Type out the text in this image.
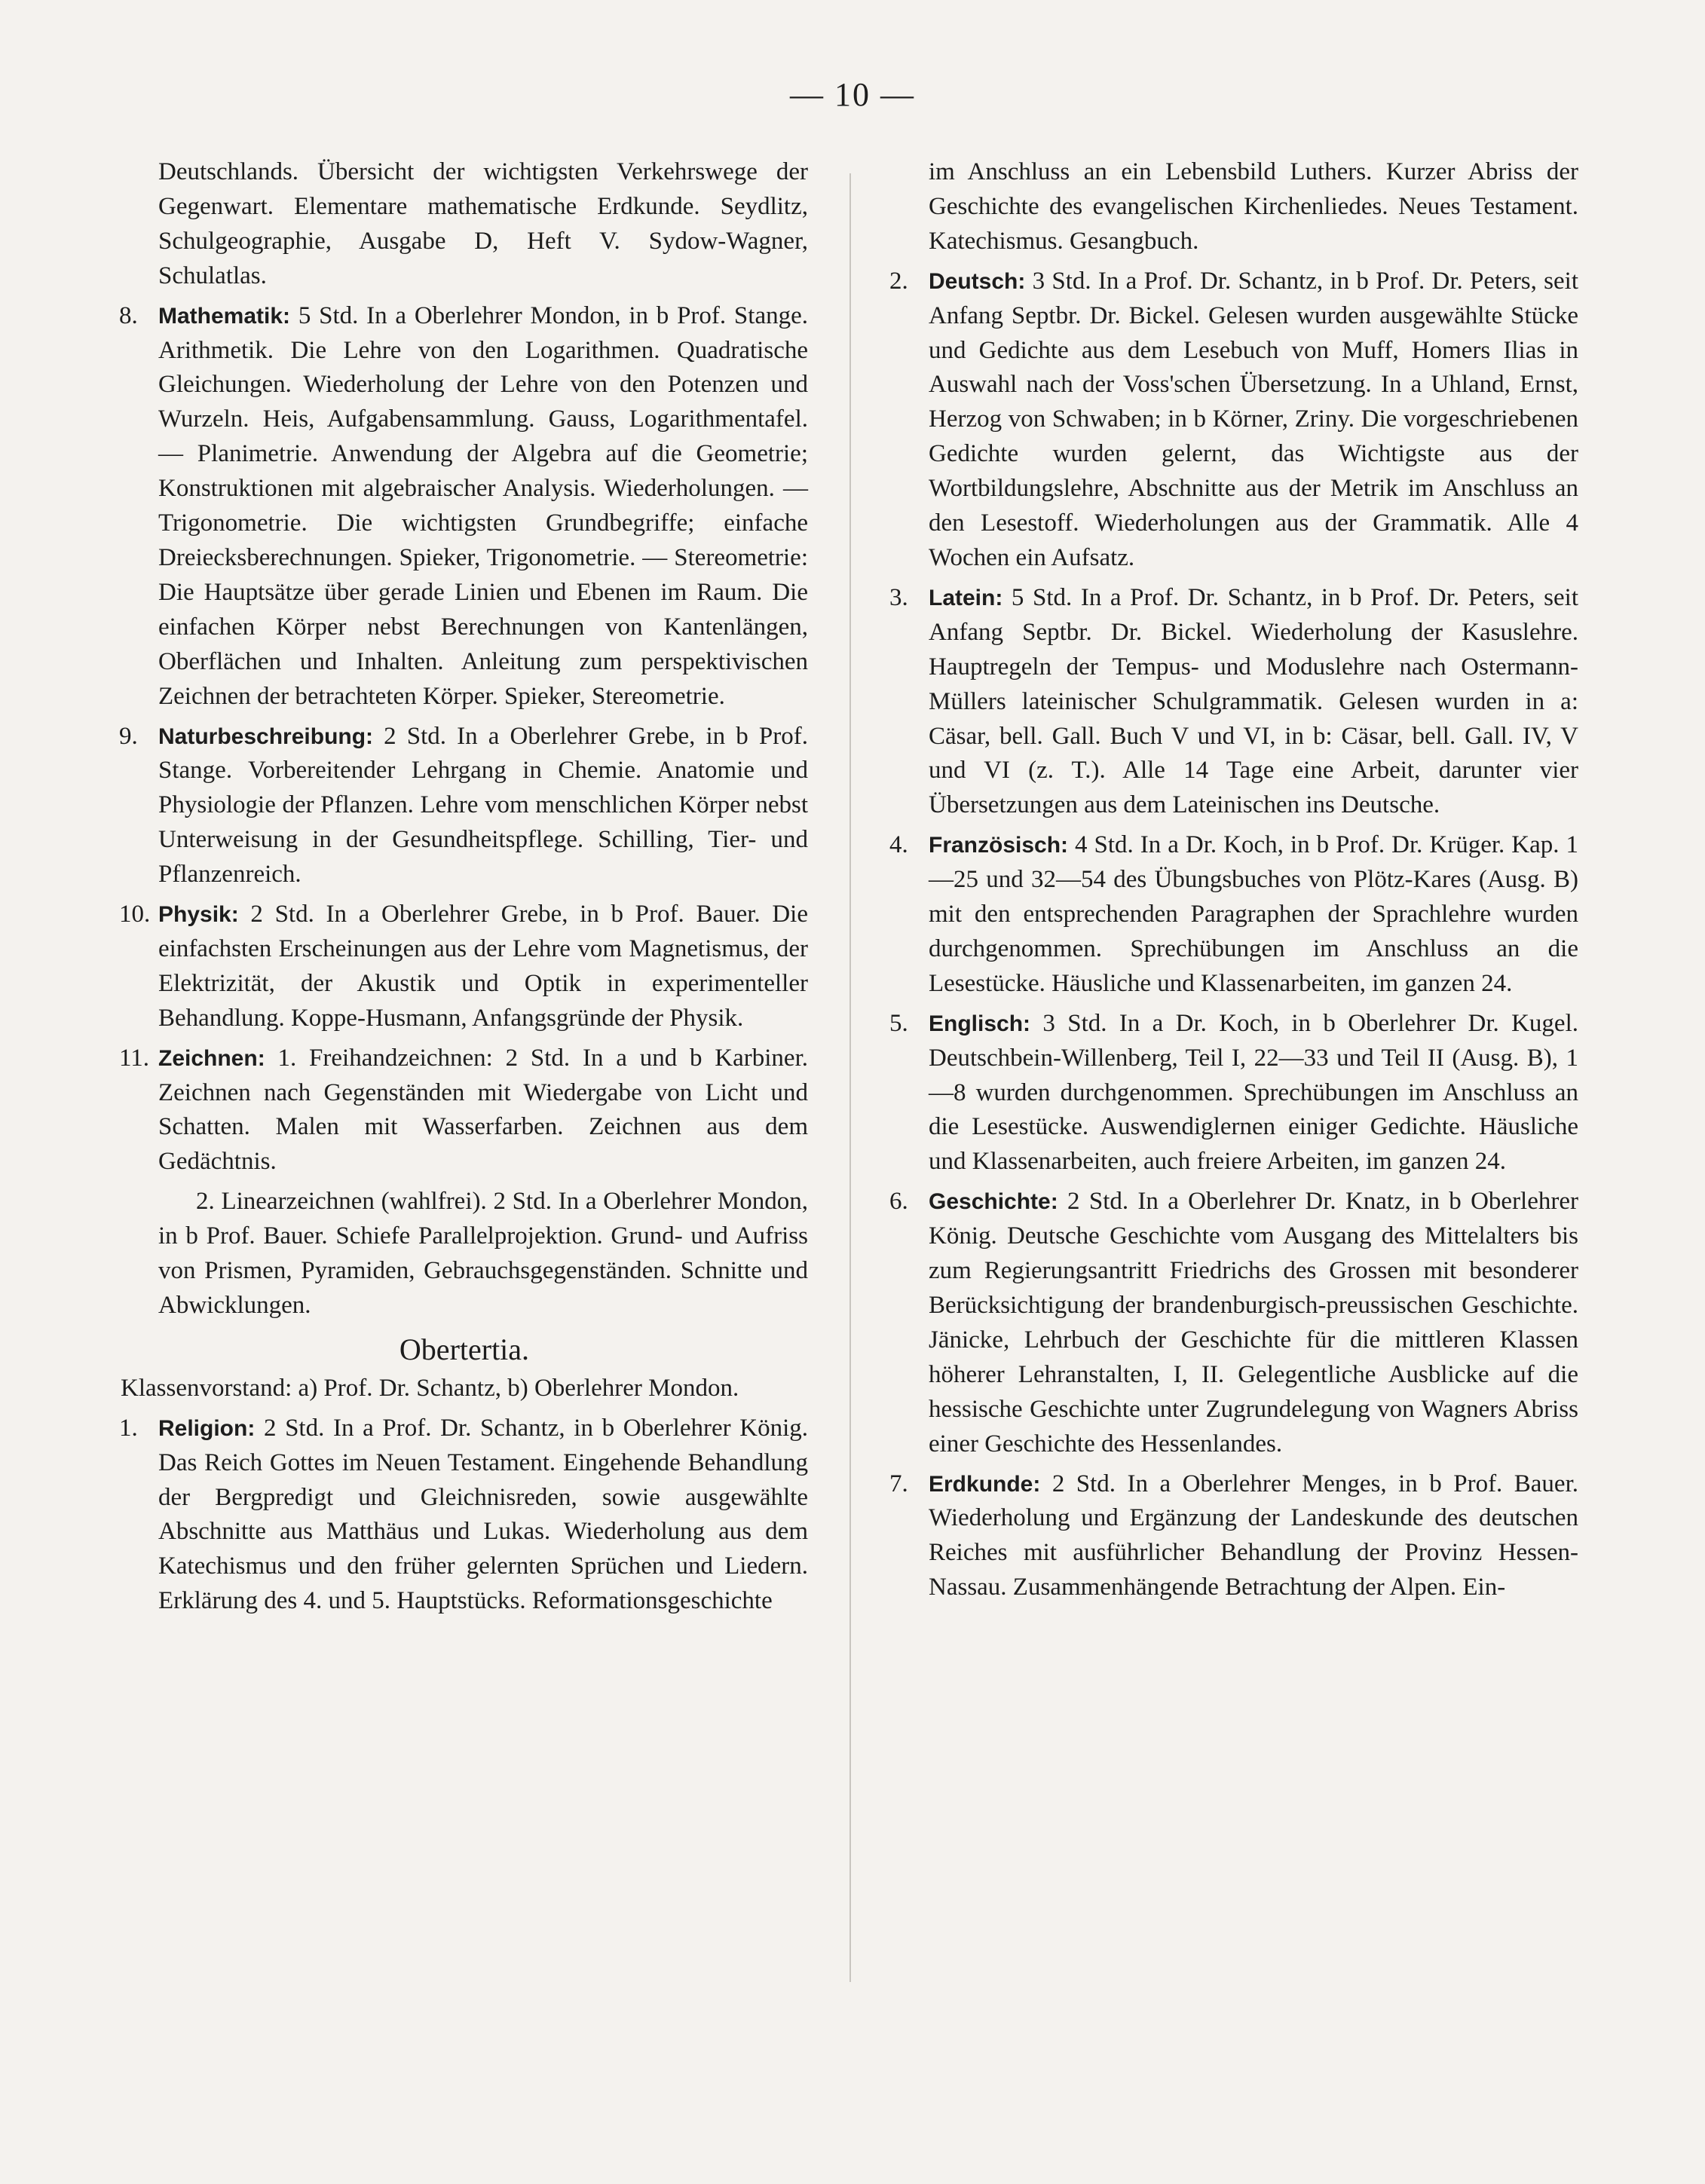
— 10 —
Deutschlands. Übersicht der wichtigsten Verkehrswege der Gegenwart. Elementare mathematische Erdkunde. Seydlitz, Schulgeographie, Ausgabe D, Heft V. Sydow-Wagner, Schulatlas.
8. Mathematik: 5 Std. In a Oberlehrer Mondon, in b Prof. Stange. Arithmetik. Die Lehre von den Logarithmen. Quadratische Gleichungen. Wiederholung der Lehre von den Potenzen und Wurzeln. Heis, Aufgabensammlung. Gauss, Logarithmentafel. — Planimetrie. Anwendung der Algebra auf die Geometrie; Konstruktionen mit algebraischer Analysis. Wiederholungen. — Trigonometrie. Die wichtigsten Grundbegriffe; einfache Dreiecksberechnungen. Spieker, Trigonometrie. — Stereometrie: Die Hauptsätze über gerade Linien und Ebenen im Raum. Die einfachen Körper nebst Berechnungen von Kantenlängen, Oberflächen und Inhalten. Anleitung zum perspektivischen Zeichnen der betrachteten Körper. Spieker, Stereometrie.
9. Naturbeschreibung: 2 Std. In a Oberlehrer Grebe, in b Prof. Stange. Vorbereitender Lehrgang in Chemie. Anatomie und Physiologie der Pflanzen. Lehre vom menschlichen Körper nebst Unterweisung in der Gesundheitspflege. Schilling, Tier- und Pflanzenreich.
10. Physik: 2 Std. In a Oberlehrer Grebe, in b Prof. Bauer. Die einfachsten Erscheinungen aus der Lehre vom Magnetismus, der Elektrizität, der Akustik und Optik in experimenteller Behandlung. Koppe-Husmann, Anfangsgründe der Physik.
11. Zeichnen: 1. Freihandzeichnen: 2 Std. In a und b Karbiner. Zeichnen nach Gegenständen mit Wiedergabe von Licht und Schatten. Malen mit Wasserfarben. Zeichnen aus dem Gedächtnis.
2. Linearzeichnen (wahlfrei). 2 Std. In a Oberlehrer Mondon, in b Prof. Bauer. Schiefe Parallelprojektion. Grund- und Aufriss von Prismen, Pyramiden, Gebrauchsgegenständen. Schnitte und Abwicklungen.
Obertertia.
Klassenvorstand: a) Prof. Dr. Schantz, b) Oberlehrer Mondon.
1. Religion: 2 Std. In a Prof. Dr. Schantz, in b Oberlehrer König. Das Reich Gottes im Neuen Testament. Eingehende Behandlung der Bergpredigt und Gleichnisreden, sowie ausgewählte Abschnitte aus Matthäus und Lukas. Wiederholung aus dem Katechismus und den früher gelernten Sprüchen und Liedern. Erklärung des 4. und 5. Hauptstücks. Reformationsgeschichte
im Anschluss an ein Lebensbild Luthers. Kurzer Abriss der Geschichte des evangelischen Kirchenliedes. Neues Testament. Katechismus. Gesangbuch.
2. Deutsch: 3 Std. In a Prof. Dr. Schantz, in b Prof. Dr. Peters, seit Anfang Septbr. Dr. Bickel. Gelesen wurden ausgewählte Stücke und Gedichte aus dem Lesebuch von Muff, Homers Ilias in Auswahl nach der Voss'schen Übersetzung. In a Uhland, Ernst, Herzog von Schwaben; in b Körner, Zriny. Die vorgeschriebenen Gedichte wurden gelernt, das Wichtigste aus der Wortbildungslehre, Abschnitte aus der Metrik im Anschluss an den Lesestoff. Wiederholungen aus der Grammatik. Alle 4 Wochen ein Aufsatz.
3. Latein: 5 Std. In a Prof. Dr. Schantz, in b Prof. Dr. Peters, seit Anfang Septbr. Dr. Bickel. Wiederholung der Kasuslehre. Hauptregeln der Tempus- und Moduslehre nach Ostermann-Müllers lateinischer Schulgrammatik. Gelesen wurden in a: Cäsar, bell. Gall. Buch V und VI, in b: Cäsar, bell. Gall. IV, V und VI (z. T.). Alle 14 Tage eine Arbeit, darunter vier Übersetzungen aus dem Lateinischen ins Deutsche.
4. Französisch: 4 Std. In a Dr. Koch, in b Prof. Dr. Krüger. Kap. 1—25 und 32—54 des Übungsbuches von Plötz-Kares (Ausg. B) mit den entsprechenden Paragraphen der Sprachlehre wurden durchgenommen. Sprechübungen im Anschluss an die Lesestücke. Häusliche und Klassenarbeiten, im ganzen 24.
5. Englisch: 3 Std. In a Dr. Koch, in b Oberlehrer Dr. Kugel. Deutschbein-Willenberg, Teil I, 22—33 und Teil II (Ausg. B), 1—8 wurden durchgenommen. Sprechübungen im Anschluss an die Lesestücke. Auswendiglernen einiger Gedichte. Häusliche und Klassenarbeiten, auch freiere Arbeiten, im ganzen 24.
6. Geschichte: 2 Std. In a Oberlehrer Dr. Knatz, in b Oberlehrer König. Deutsche Geschichte vom Ausgang des Mittelalters bis zum Regierungsantritt Friedrichs des Grossen mit besonderer Berücksichtigung der brandenburgisch-preussischen Geschichte. Jänicke, Lehrbuch der Geschichte für die mittleren Klassen höherer Lehranstalten, I, II. Gelegentliche Ausblicke auf die hessische Geschichte unter Zugrundelegung von Wagners Abriss einer Geschichte des Hessenlandes.
7. Erdkunde: 2 Std. In a Oberlehrer Menges, in b Prof. Bauer. Wiederholung und Ergänzung der Landeskunde des deutschen Reiches mit ausführlicher Behandlung der Provinz Hessen-Nassau. Zusammenhängende Betrachtung der Alpen. Ein-
